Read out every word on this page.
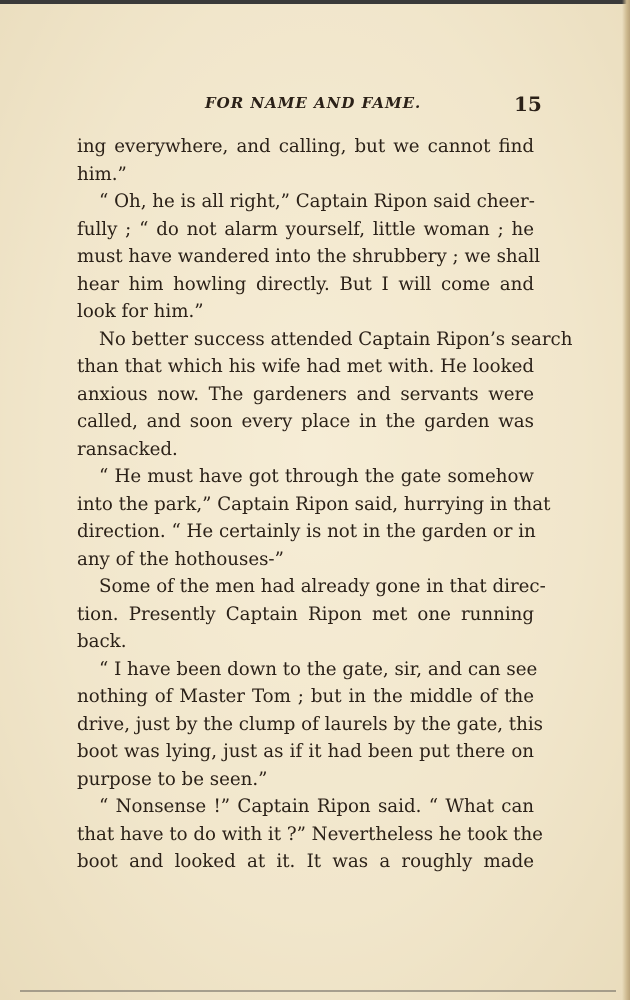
FOR NAME AND FAME.	15
ing everywhere, and calling, but we cannot find
him.”
“ Oh, he is all right,” Captain Ripon said cheer-
fully ; “ do not alarm yourself, little woman ; he
must have wandered into the shrubbery ; we shall
hear him howling directly. But I will come and
look for him.”
No better success attended Captain Ripon’s search
than that which his wife had met with. He looked
anxious now. The gardeners and servants were
called, and soon every place in the garden was
ransacked.
“ He must have got through the gate somehow
into the park,” Captain Ripon said, hurrying in that
direction. “ He certainly is not in the garden or in
any of the hothouses-”
Some of the men had already gone in that direc-
tion. Presently Captain Ripon met one running
back.
“ I have been down to the gate, sir, and can see
nothing of Master Tom ; but in the middle of the
drive, just by the clump of laurels by the gate, this
boot was lying, just as if it had been put there on
purpose to be seen.”
“ Nonsense !” Captain Ripon said. “ What can
that have to do with it ?” Nevertheless he took the
boot and looked at it. It was a roughly made
